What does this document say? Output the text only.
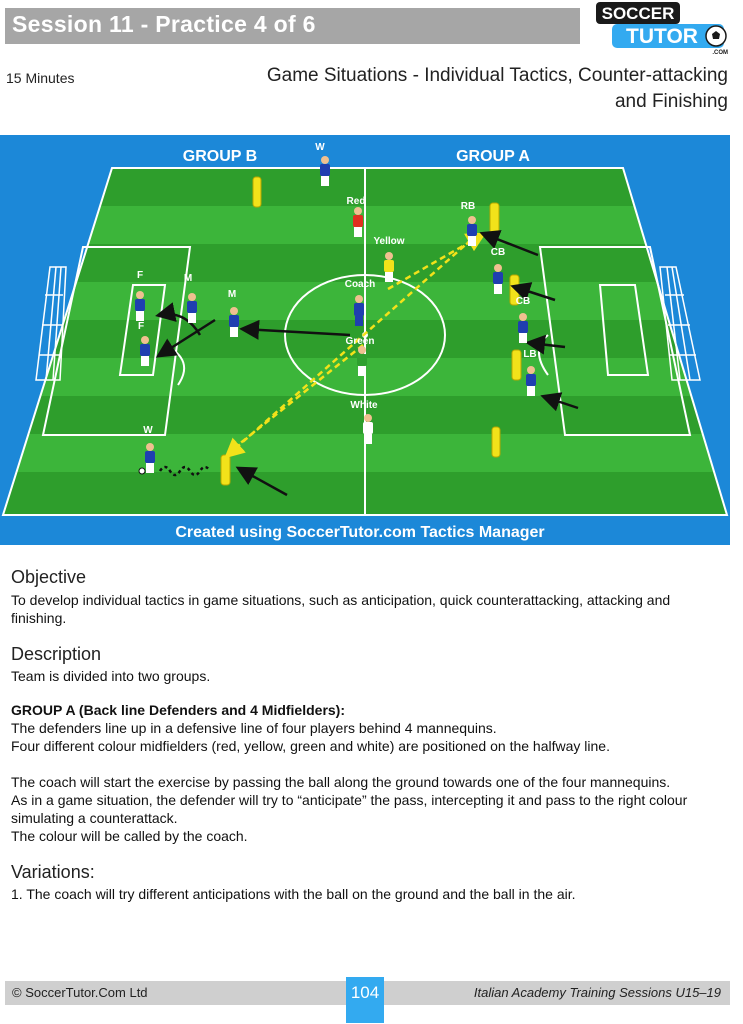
Session 11 - Practice 4 of 6	SOCCER
TUTOR
.COM
15 Minutes	Game Situations - Individual Tactics, Counter-attacking
and Finishing
GROUP B	GROUP A
W
Red
Yellow
Coach
Green
White
RB
CB
CB
LB
F
F
M
M
W
Created using SoccerTutor.com Tactics Manager
Objective
To develop individual tactics in game situations, such as anticipation, quick counterattacking, attacking and finishing.
Description
Team is divided into two groups.
GROUP A (Back line Defenders and 4 Midfielders):
The defenders line up in a defensive line of four players behind 4 mannequins.
Four different colour midfielders (red, yellow, green and white) are positioned on the halfway line.
The coach will start the exercise by passing the ball along the ground towards one of the four mannequins.
As in a game situation, the defender will try to “anticipate” the pass, intercepting it and pass to the right colour simulating a counterattack.
The colour will be called by the coach.
Variations:
1. The coach will try different anticipations with the ball on the ground and the ball in the air.
© SoccerTutor.Com Ltd	104	Italian Academy Training Sessions U15–19
